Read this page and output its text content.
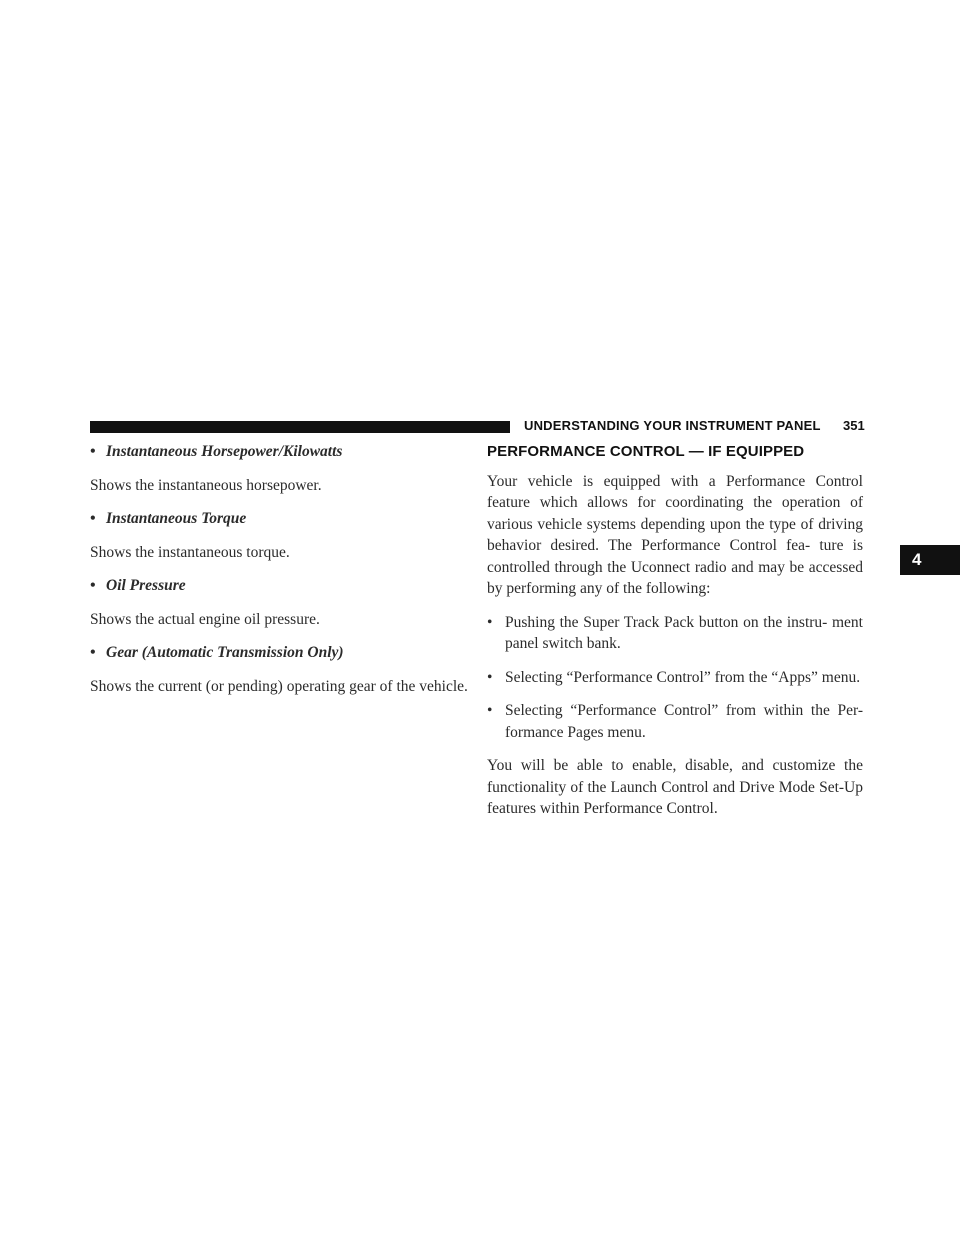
UNDERSTANDING YOUR INSTRUMENT PANEL 351
4
• Instantaneous Horsepower/Kilowatts

Shows the instantaneous horsepower.

• Instantaneous Torque

Shows the instantaneous torque.

• Oil Pressure

Shows the actual engine oil pressure.

• Gear (Automatic Transmission Only)

Shows the current (or pending) operating gear of the vehicle.

PERFORMANCE CONTROL — IF EQUIPPED

Your vehicle is equipped with a Performance Control feature which allows for coordinating the operation of various vehicle systems depending upon the type of driving behavior desired. The Performance Control fea- ture is controlled through the Uconnect radio and may be accessed by performing any of the following:

• Pushing the Super Track Pack button on the instru- ment panel switch bank.
• Selecting “Performance Control” from the “Apps” menu.
• Selecting “Performance Control” from within the Per- formance Pages menu.

You will be able to enable, disable, and customize the functionality of the Launch Control and Drive Mode Set-Up features within Performance Control.
